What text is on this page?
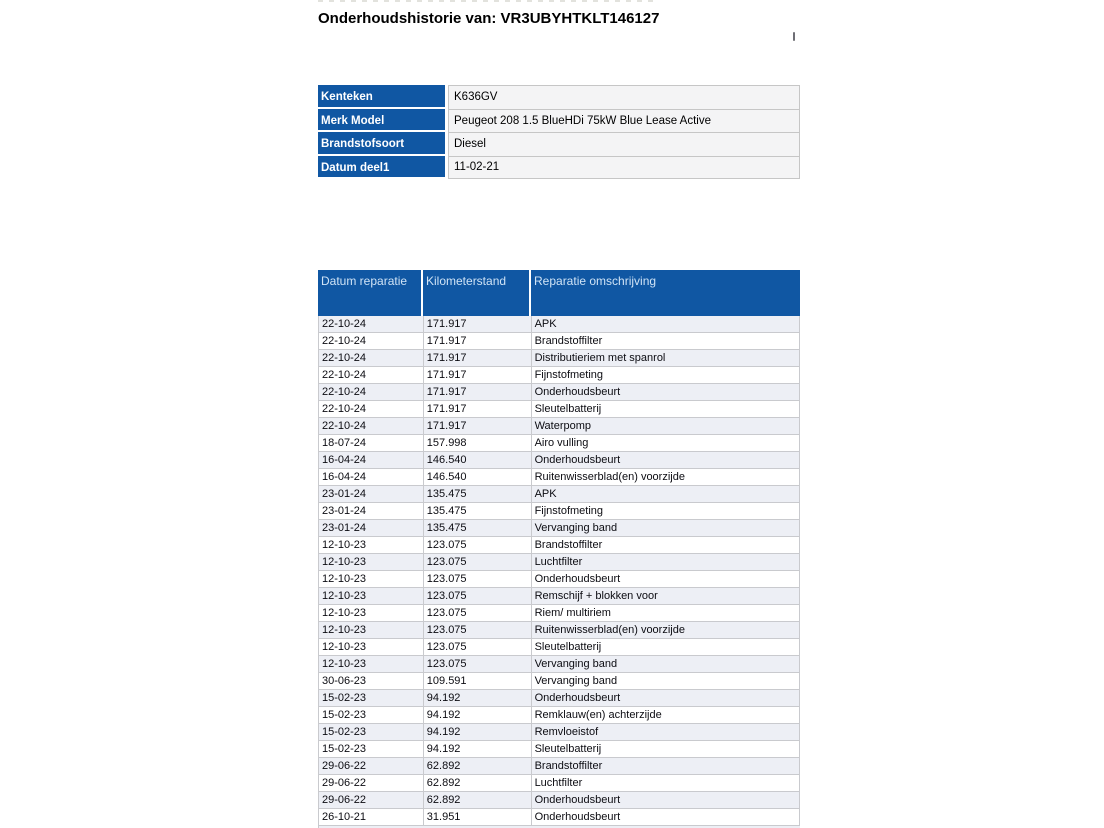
Onderhoudshistorie van: VR3UBYHTKLT146127
Kenteken	K636GV
Merk Model	Peugeot 208 1.5 BlueHDi 75kW Blue Lease Active
Brandstofsoort	Diesel
Datum deel1	11-02-21
Datum reparatie	Kilometerstand	Reparatie omschrijving
22-10-24	171.917	APK
22-10-24	171.917	Brandstoffilter
22-10-24	171.917	Distributieriem met spanrol
22-10-24	171.917	Fijnstofmeting
22-10-24	171.917	Onderhoudsbeurt
22-10-24	171.917	Sleutelbatterij
22-10-24	171.917	Waterpomp
18-07-24	157.998	Airo vulling
16-04-24	146.540	Onderhoudsbeurt
16-04-24	146.540	Ruitenwisserblad(en) voorzijde
23-01-24	135.475	APK
23-01-24	135.475	Fijnstofmeting
23-01-24	135.475	Vervanging band
12-10-23	123.075	Brandstoffilter
12-10-23	123.075	Luchtfilter
12-10-23	123.075	Onderhoudsbeurt
12-10-23	123.075	Remschijf + blokken voor
12-10-23	123.075	Riem/ multiriem
12-10-23	123.075	Ruitenwisserblad(en) voorzijde
12-10-23	123.075	Sleutelbatterij
12-10-23	123.075	Vervanging band
30-06-23	109.591	Vervanging band
15-02-23	94.192	Onderhoudsbeurt
15-02-23	94.192	Remklauw(en) achterzijde
15-02-23	94.192	Remvloeistof
15-02-23	94.192	Sleutelbatterij
29-06-22	62.892	Brandstoffilter
29-06-22	62.892	Luchtfilter
29-06-22	62.892	Onderhoudsbeurt
26-10-21	31.951	Onderhoudsbeurt
